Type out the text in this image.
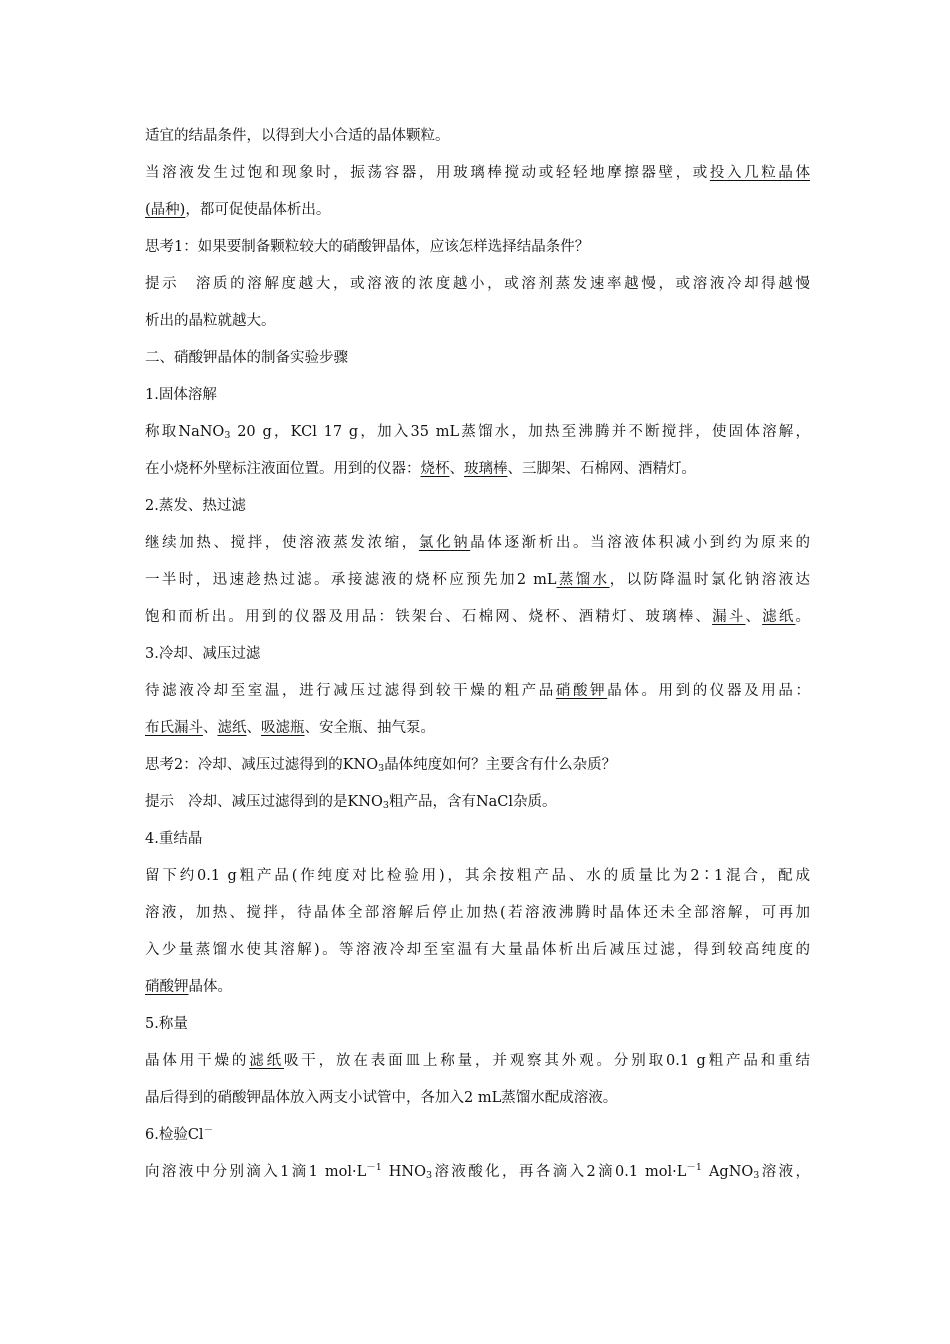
适宜的结晶条件，以得到大小合适的晶体颗粒。
当溶液发生过饱和现象时，振荡容器，用玻璃棒搅动或轻轻地摩擦器壁，或投入几粒晶体
(晶种)，都可促使晶体析出。
思考1：如果要制备颗粒较大的硝酸钾晶体，应该怎样选择结晶条件？
提示 溶质的溶解度越大，或溶液的浓度越小，或溶剂蒸发速率越慢，或溶液冷却得越慢
析出的晶粒就越大。
二、硝酸钾晶体的制备实验步骤
1.固体溶解
称取NaNO$_3$ 20 g，KCl 17 g，加入35 mL蒸馏水，加热至沸腾并不断搅拌，使固体溶解，
在小烧杯外壁标注液面位置。用到的仪器：烧杯、玻璃棒、三脚架、石棉网、酒精灯。
2.蒸发、热过滤
继续加热、搅拌，使溶液蒸发浓缩，氯化钠晶体逐渐析出。当溶液体积减小到约为原来的
一半时，迅速趁热过滤。承接滤液的烧杯应预先加2 mL蒸馏水，以防降温时氯化钠溶液达
饱和而析出。用到的仪器及用品：铁架台、石棉网、烧杯、酒精灯、玻璃棒、漏斗、滤纸。
3.冷却、减压过滤
待滤液冷却至室温，进行减压过滤得到较干燥的粗产品硝酸钾晶体。用到的仪器及用品：
布氏漏斗、滤纸、吸滤瓶、安全瓶、抽气泵。
思考2：冷却、减压过滤得到的$KNO_3$晶体纯度如何？主要含有什么杂质？
提示 冷却、减压过滤得到的是$KNO_3$粗产品，含有NaCl杂质。
4.重结晶
留下约0.1 g粗产品(作纯度对比检验用)，其余按粗产品、水的质量比为2∶1混合，配成
溶液，加热、搅拌，待晶体全部溶解后停止加热(若溶液沸腾时晶体还未全部溶解，可再加
入少量蒸馏水使其溶解)。等溶液冷却至室温有大量晶体析出后减压过滤，得到较高纯度的
硝酸钾晶体。
5.称量
晶体用干燥的滤纸吸干，放在表面皿上称量，并观察其外观。分别取0.1 g粗产品和重结
晶后得到的硝酸钾晶体放入两支小试管中，各加入2 mL蒸馏水配成溶液。
6.检验Cl－
向溶液中分别滴入1滴1 $mol\cdot L^{-1}$ $HNO_3$溶液酸化，再各滴入2滴0.1 $mol\cdot L^{-1}$ AgNO$_3$溶液，
